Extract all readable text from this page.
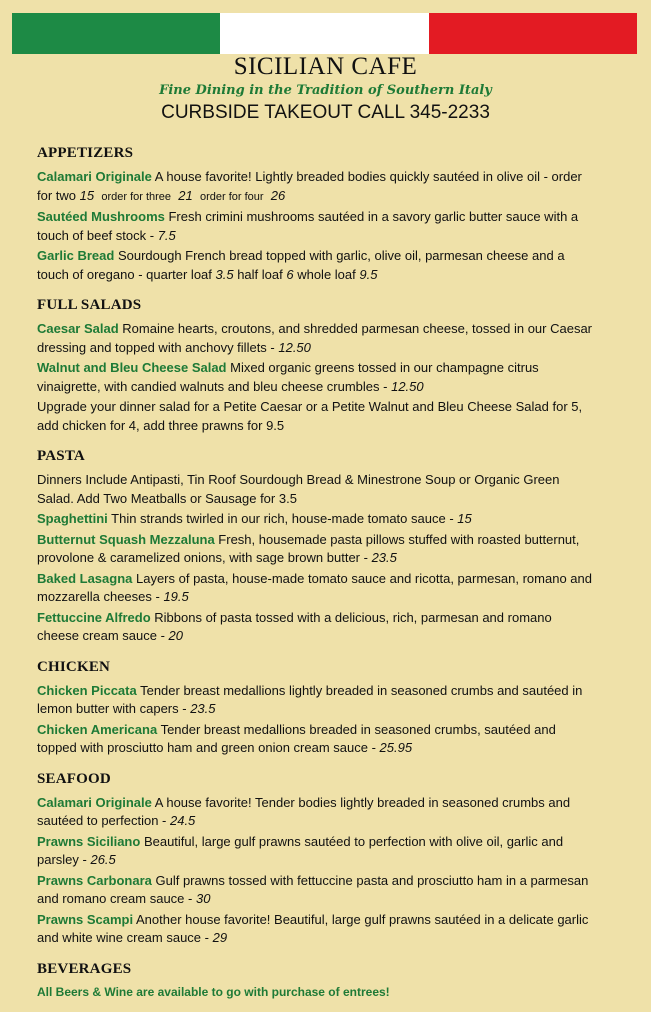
SICILIAN CAFE
Fine Dining in the Tradition of Southern Italy
CURBSIDE TAKEOUT CALL 345-2233
APPETIZERS
Calamari Originale A house favorite! Lightly breaded bodies quickly sautéed in olive oil - order for two 15 order for three 21 order for four 26
Sautéed Mushrooms Fresh crimini mushrooms sautéed in a savory garlic butter sauce with a touch of beef stock - 7.5
Garlic Bread Sourdough French bread topped with garlic, olive oil, parmesan cheese and a touch of oregano - quarter loaf 3.5 half loaf 6 whole loaf 9.5
FULL SALADS
Caesar Salad Romaine hearts, croutons, and shredded parmesan cheese, tossed in our Caesar dressing and topped with anchovy fillets - 12.50
Walnut and Bleu Cheese Salad Mixed organic greens tossed in our champagne citrus vinaigrette, with candied walnuts and bleu cheese crumbles - 12.50
Upgrade your dinner salad for a Petite Caesar or a Petite Walnut and Bleu Cheese Salad for 5, add chicken for 4, add three prawns for 9.5
PASTA
Dinners Include Antipasti, Tin Roof Sourdough Bread & Minestrone Soup or Organic Green Salad. Add Two Meatballs or Sausage for 3.5
Spaghettini Thin strands twirled in our rich, house-made tomato sauce - 15
Butternut Squash Mezzaluna Fresh, housemade pasta pillows stuffed with roasted butternut, provolone & caramelized onions, with sage brown butter - 23.5
Baked Lasagna Layers of pasta, house-made tomato sauce and ricotta, parmesan, romano and mozzarella cheeses - 19.5
Fettuccine Alfredo Ribbons of pasta tossed with a delicious, rich, parmesan and romano cheese cream sauce - 20
CHICKEN
Chicken Piccata Tender breast medallions lightly breaded in seasoned crumbs and sautéed in lemon butter with capers - 23.5
Chicken Americana Tender breast medallions breaded in seasoned crumbs, sautéed and topped with prosciutto ham and green onion cream sauce - 25.95
SEAFOOD
Calamari Originale A house favorite! Tender bodies lightly breaded in seasoned crumbs and sautéed to perfection - 24.5
Prawns Siciliano Beautiful, large gulf prawns sautéed to perfection with olive oil, garlic and parsley - 26.5
Prawns Carbonara Gulf prawns tossed with fettuccine pasta and prosciutto ham in a parmesan and romano cream sauce - 30
Prawns Scampi Another house favorite! Beautiful, large gulf prawns sautéed in a delicate garlic and white wine cream sauce - 29
BEVERAGES
All Beers & Wine are available to go with purchase of entrees!
